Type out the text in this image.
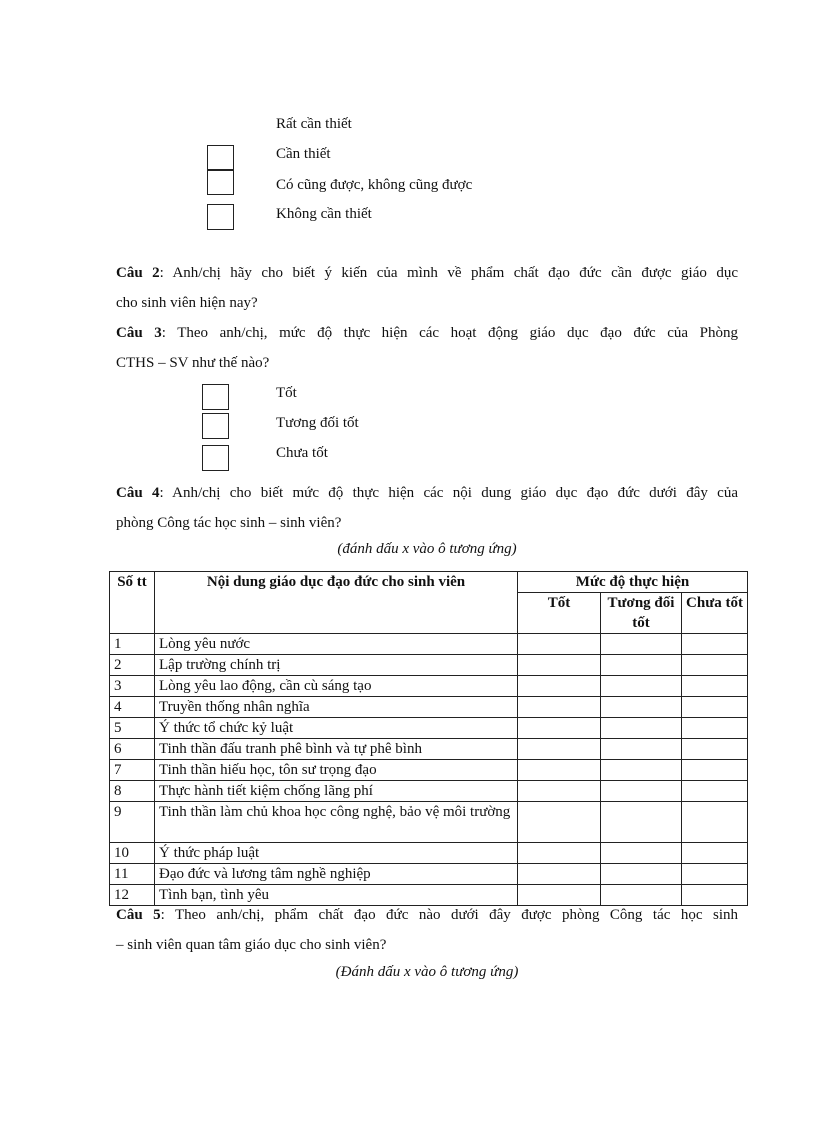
Rất cần thiết
Cần thiết
Có cũng được, không cũng được
Không cần thiết
Câu 2: Anh/chị hãy cho biết ý kiến của mình về phẩm chất đạo đức cần được giáo dục
cho sinh viên hiện nay?
Câu 3: Theo anh/chị, mức độ thực hiện các hoạt động giáo dục đạo đức của Phòng
CTHS – SV như thế nào?
Tốt
Tương đối tốt
Chưa tốt
Câu 4: Anh/chị cho biết mức độ thực hiện các nội dung giáo dục đạo đức dưới đây của
phòng Công tác học sinh – sinh viên?
(đánh dấu x vào ô tương ứng)
Số tt	Nội dung giáo dục đạo đức cho sinh viên	Mức độ thực hiện		
		Tốt	Tương đối tốt	Chưa tốt
1	Lòng yêu nước			
2	Lập trường chính trị			
3	Lòng yêu lao động, cần cù sáng tạo			
4	Truyền thống nhân nghĩa			
5	Ý thức tổ chức kỷ luật			
6	Tinh thần đấu tranh phê bình và tự phê bình			
7	Tinh thần hiếu học, tôn sư trọng đạo			
8	Thực hành tiết kiệm chống lãng phí			
9	Tinh thần làm chủ khoa học công nghệ, bảo vệ môi trường			
10	Ý thức pháp luật			
11	Đạo đức và lương tâm nghề nghiệp			
12	Tình bạn, tình yêu			
Câu 5: Theo anh/chị, phẩm chất đạo đức nào dưới đây được phòng Công tác học sinh
– sinh viên quan tâm giáo dục cho sinh viên?
(Đánh dấu x vào ô tương ứng)
